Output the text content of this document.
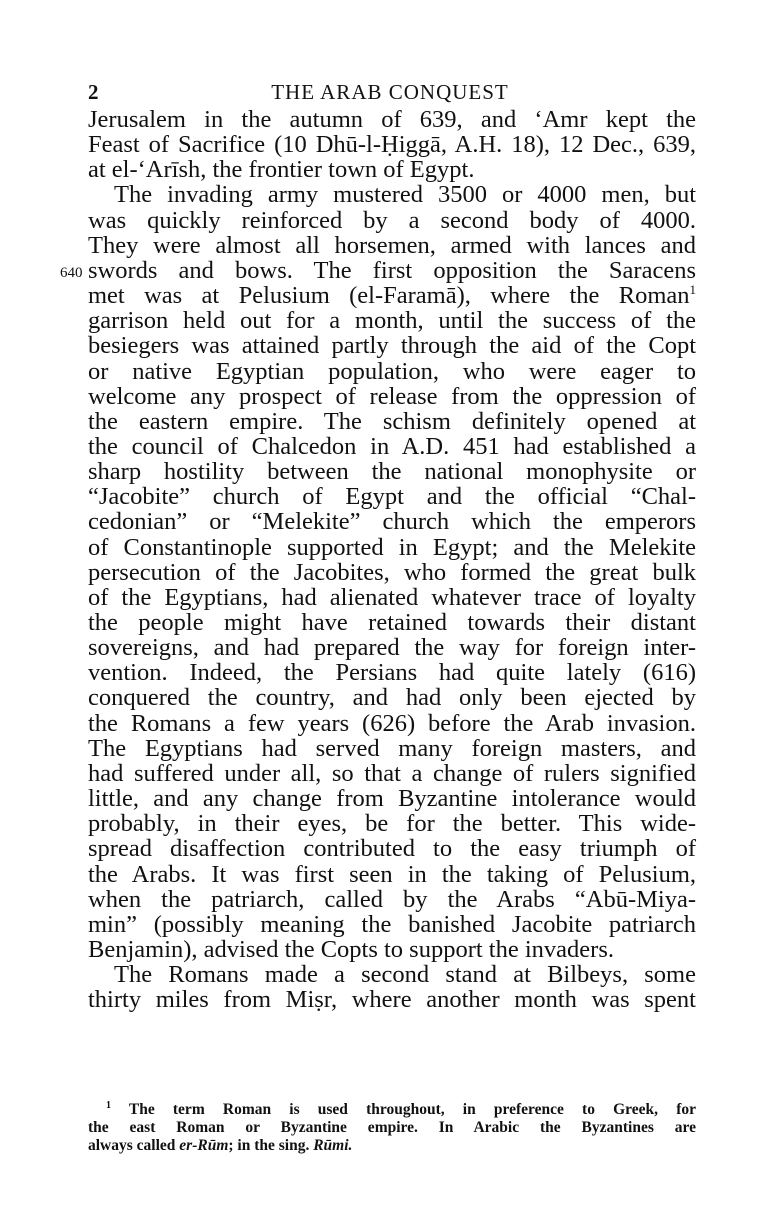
2	THE ARAB CONQUEST
Jerusalem in the autumn of 639, and ‘Amr kept the
Feast of Sacrifice (10 Dhū-l-Ḥiggā, A.H. 18), 12 Dec., 639,
at el-‘Arīsh, the frontier town of Egypt.
The invading army mustered 3500 or 4000 men, but
was quickly reinforced by a second body of 4000.
They were almost all horsemen, armed with lances and
swords and bows. The first opposition the Saracens
met was at Pelusium (el-Faramā), where the Roman$^1$
garrison held out for a month, until the success of the
besiegers was attained partly through the aid of the Copt
or native Egyptian population, who were eager to
welcome any prospect of release from the oppression of
the eastern empire. The schism definitely opened at
the council of Chalcedon in A.D. 451 had established a
sharp hostility between the national monophysite or
“Jacobite” church of Egypt and the official “Chal-
cedonian” or “Melekite” church which the emperors
of Constantinople supported in Egypt; and the Melekite
persecution of the Jacobites, who formed the great bulk
of the Egyptians, had alienated whatever trace of loyalty
the people might have retained towards their distant
sovereigns, and had prepared the way for foreign inter-
vention. Indeed, the Persians had quite lately (616)
conquered the country, and had only been ejected by
the Romans a few years (626) before the Arab invasion.
The Egyptians had served many foreign masters, and
had suffered under all, so that a change of rulers signified
little, and any change from Byzantine intolerance would
probably, in their eyes, be for the better. This wide-
spread disaffection contributed to the easy triumph of
the Arabs. It was first seen in the taking of Pelusium,
when the patriarch, called by the Arabs “Abū-Miya-
min” (possibly meaning the banished Jacobite patriarch
Benjamin), advised the Copts to support the invaders.
The Romans made a second stand at Bilbeys, some
thirty miles from Miṣr, where another month was spent
640
$^1$ The term Roman is used throughout, in preference to Greek, for
the east Roman or Byzantine empire. In Arabic the Byzantines are
always called er-Rūm; in the sing. Rūmi.
